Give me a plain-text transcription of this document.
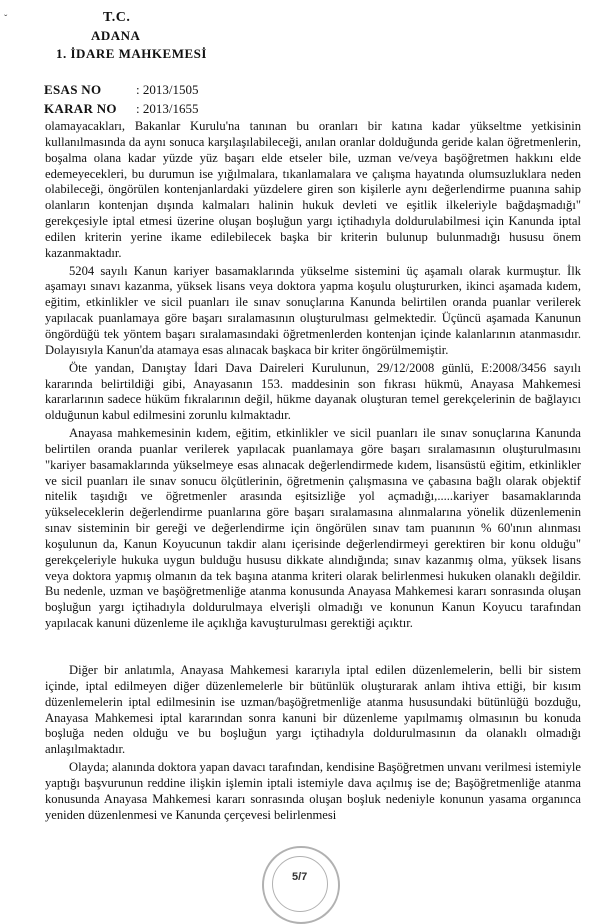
ˇ	T.C.
ADANA
1. İDARE MAHKEMESİ
ESAS NO	: 2013/1505
KARAR NO : 2013/1655

olamayacakları, Bakanlar Kurulu'na tanınan bu oranları bir katına kadar yükseltme yetkisinin kullanılmasında da aynı sonuca karşılaşılabileceği, anılan oranlar dolduğunda geride kalan öğretmenlerin, boşalma olana kadar yüzde yüz başarı elde etseler bile, uzman ve/veya başöğretmen hakkını elde edemeyecekleri, bu durumun ise yığılmalara, tıkanlamalara ve çalışma hayatında olumsuzluklara neden olabileceği, öngörülen kontenjanlardaki yüzdelere giren son kişilerle aynı değerlendirme puanına sahip olanların kontenjan dışında kalmaları halinin hukuk devleti ve eşitlik ilkeleriyle bağdaşmadığı" gerekçesiyle iptal etmesi üzerine oluşan boşluğun yargı içtihadıyla doldurulabilmesi için Kanunda iptal edilen kriterin yerine ikame edilebilecek başka bir kriterin bulunup bulunmadığı hususu önem kazanmaktadır.

5204 sayılı Kanun kariyer basamaklarında yükselme sistemini üç aşamalı olarak kurmuştur. İlk aşamayı sınavı kazanma, yüksek lisans veya doktora yapma koşulu oluştururken, ikinci aşamada kıdem, eğitim, etkinlikler ve sicil puanları ile sınav sonuçlarına Kanunda belirtilen oranda puanlar verilerek yapılacak puanlamaya göre başarı sıralamasının oluşturulması gelmektedir. Üçüncü aşamada Kanunun öngördüğü tek yöntem başarı sıralamasındaki öğretmenlerden kontenjan içinde kalanlarının atanmasıdır. Dolayısıyla Kanun'da atamaya esas alınacak başkaca bir kriter öngörülmemiştir.

Öte yandan, Danıştay İdari Dava Daireleri Kurulunun, 29/12/2008 günlü, E:2008/3456 sayılı kararında belirtildiği gibi, Anayasanın 153. maddesinin son fıkrası hükmü, Anayasa Mahkemesi kararlarının sadece hüküm fıkralarının değil, hükme dayanak oluşturan temel gerekçelerinin de bağlayıcı olduğunun kabul edilmesini zorunlu kılmaktadır.

Anayasa mahkemesinin kıdem, eğitim, etkinlikler ve sicil puanları ile sınav sonuçlarına Kanunda belirtilen oranda puanlar verilerek yapılacak puanlamaya göre başarı sıralamasının oluşturulmasını "kariyer basamaklarında yükselmeye esas alınacak değerlendirmede kıdem, lisansüstü eğitim, etkinlikler ve sicil puanları ile sınav sonucu ölçütlerinin, öğretmenin çalışmasına ve çabasına bağlı olarak objektif nitelik taşıdığı ve öğretmenler arasında eşitsizliğe yol açmadığı,.....kariyer basamaklarında yükseleceklerin değerlendirme puanlarına göre başarı sıralamasına alınmalarına yönelik düzenlemenin sınav sisteminin bir gereği ve değerlendirme için öngörülen sınav tam puanının % 60'ının alınması koşulunun da, Kanun Koyucunun takdir alanı içerisinde değerlendirmeyi gerektiren bir konu olduğu" gerekçeleriyle hukuka uygun bulduğu hususu dikkate alındığında; sınav kazanmış olma, yüksek lisans veya doktora yapmış olmanın da tek başına atanma kriteri olarak belirlenmesi hukuken olanaklı değildir. Bu nedenle, uzman ve başöğretmenliğe atanma konusunda Anayasa Mahkemesi kararı sonrasında oluşan boşluğun yargı içtihadıyla doldurulmaya elverişli olmadığı ve konunun Kanun Koyucu tarafından yapılacak kanuni düzenleme ile açıklığa kavuşturulması gerektiği açıktır.

Diğer bir anlatımla, Anayasa Mahkemesi kararıyla iptal edilen düzenlemelerin, belli bir sistem içinde, iptal edilmeyen diğer düzenlemelerle bir bütünlük oluşturarak anlam ihtiva ettiği, bir kısım düzenlemelerin iptal edilmesinin ise uzman/başöğretmenliğe atanma hususundaki bütünlüğü bozduğu, Anayasa Mahkemesi iptal kararından sonra kanuni bir düzenleme yapılmamış olmasının bu konuda boşluğa neden olduğu ve bu boşluğun yargı içtihadıyla doldurulmasının da olanaklı olmadığı anlaşılmaktadır.

Olayda; alanında doktora yapan davacı tarafından, kendisine Başöğretmen unvanı verilmesi istemiyle yaptığı başvurunun reddine ilişkin işlemin iptali istemiyle dava açılmış ise de; Başöğretmenliğe atanma konusunda Anayasa Mahkemesi kararı sonrasında oluşan boşluk nedeniyle konunun yasama organınca yeniden düzenlenmesi ve Kanunda çerçevesi belirlenmesi

5/7
